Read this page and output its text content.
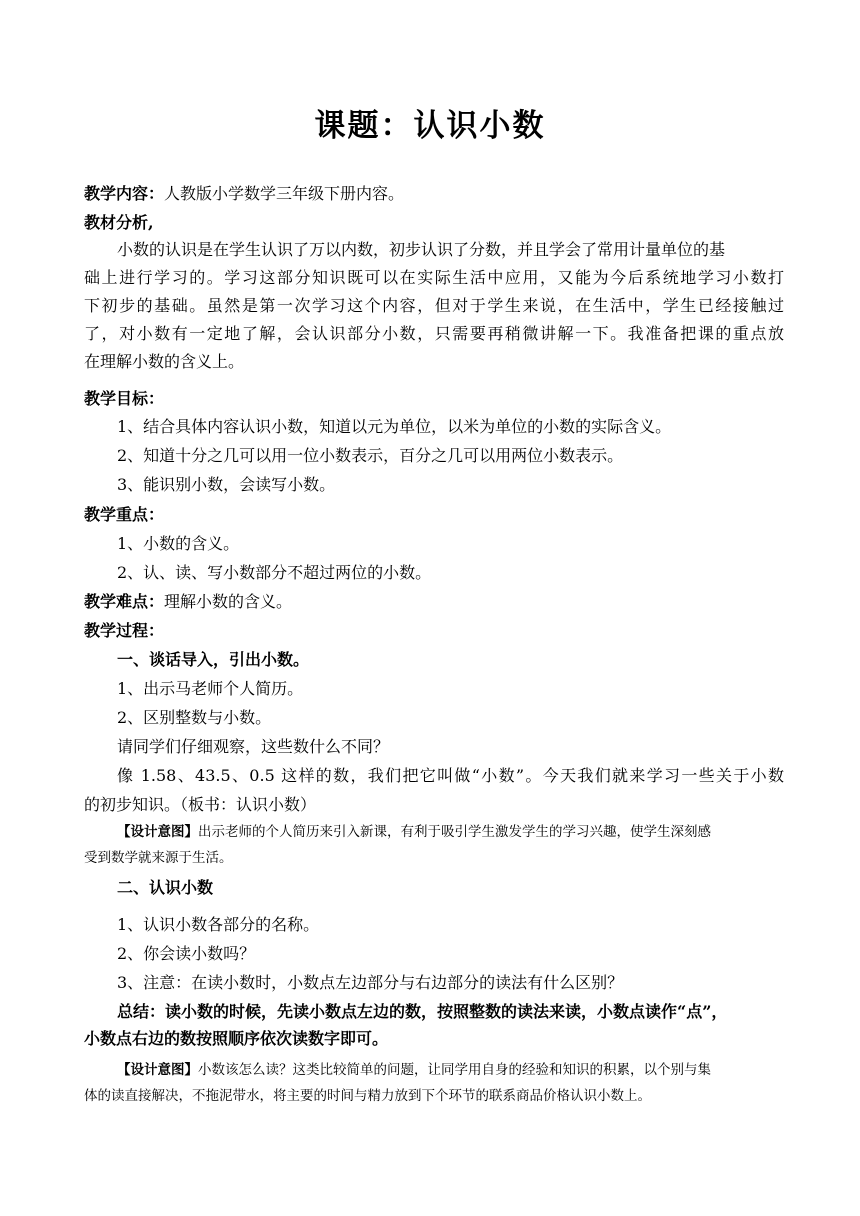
课题：认识小数
教学内容：人教版小学数学三年级下册内容。
教材分析,
小数的认识是在学生认识了万以内数，初步认识了分数，并且学会了常用计量单位的基
础上进行学习的。学习这部分知识既可以在实际生活中应用，又能为今后系统地学习小数打
下初步的基础。虽然是第一次学习这个内容，但对于学生来说，在生活中，学生已经接触过
了，对小数有一定地了解，会认识部分小数，只需要再稍微讲解一下。我准备把课的重点放
在理解小数的含义上。
教学目标：
1、结合具体内容认识小数，知道以元为单位，以米为单位的小数的实际含义。
2、知道十分之几可以用一位小数表示，百分之几可以用两位小数表示。
3、能识别小数，会读写小数。
教学重点：
1、小数的含义。
2、认、读、写小数部分不超过两位的小数。
教学难点：理解小数的含义。
教学过程：
一、谈话导入，引出小数。
1、出示马老师个人简历。
2、区别整数与小数。
请同学们仔细观察，这些数什么不同？
像 1.58、43.5、0.5 这样的数，我们把它叫做“小数”。今天我们就来学习一些关于小数
的初步知识。（板书：认识小数）
【设计意图】出示老师的个人简历来引入新课，有利于吸引学生激发学生的学习兴趣，使学生深刻感
受到数学就来源于生活。
二、认识小数
1、认识小数各部分的名称。
2、你会读小数吗？
3、注意：在读小数时，小数点左边部分与右边部分的读法有什么区别？
总结：读小数的时候，先读小数点左边的数，按照整数的读法来读，小数点读作“点”，
小数点右边的数按照顺序依次读数字即可。
【设计意图】小数该怎么读？这类比较简单的问题，让同学用自身的经验和知识的积累，以个别与集
体的读直接解决，不拖泥带水，将主要的时间与精力放到下个环节的联系商品价格认识小数上。
